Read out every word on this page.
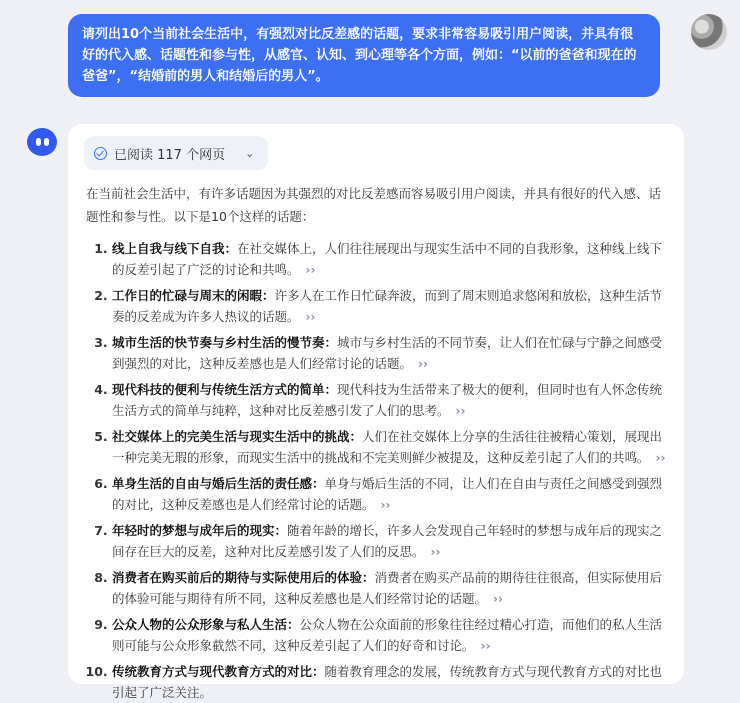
请列出10个当前社会生活中，有强烈对比反差感的话题，要求非常容易吸引用户阅读，并具有很好的代入感、话题性和参与性，从感官、认知、到心理等各个方面，例如：“以前的爸爸和现在的爸爸”，“结婚前的男人和结婚后的男人”。
已阅读 117 个网页 ⌄
在当前社会生活中，有许多话题因为其强烈的对比反差感而容易吸引用户阅读，并具有很好的代入感、话题性和参与性。以下是10个这样的话题：
1. 线上自我与线下自我：在社交媒体上，人们往往展现出与现实生活中不同的自我形象，这种线上线下的反差引起了广泛的讨论和共鸣。 ››
2. 工作日的忙碌与周末的闲暇：许多人在工作日忙碌奔波，而到了周末则追求悠闲和放松，这种生活节奏的反差成为许多人热议的话题。 ››
3. 城市生活的快节奏与乡村生活的慢节奏：城市与乡村生活的不同节奏，让人们在忙碌与宁静之间感受到强烈的对比，这种反差感也是人们经常讨论的话题。 ››
4. 现代科技的便利与传统生活方式的简单：现代科技为生活带来了极大的便利，但同时也有人怀念传统生活方式的简单与纯粹，这种对比反差感引发了人们的思考。 ››
5. 社交媒体上的完美生活与现实生活中的挑战：人们在社交媒体上分享的生活往往被精心策划，展现出一种完美无瑕的形象，而现实生活中的挑战和不完美则鲜少被提及，这种反差引起了人们的共鸣。 ››
6. 单身生活的自由与婚后生活的责任感：单身与婚后生活的不同，让人们在自由与责任之间感受到强烈的对比，这种反差感也是人们经常讨论的话题。 ››
7. 年轻时的梦想与成年后的现实：随着年龄的增长，许多人会发现自己年轻时的梦想与成年后的现实之间存在巨大的反差，这种对比反差感引发了人们的反思。 ››
8. 消费者在购买前后的期待与实际使用后的体验：消费者在购买产品前的期待往往很高，但实际使用后的体验可能与期待有所不同，这种反差感也是人们经常讨论的话题。 ››
9. 公众人物的公众形象与私人生活：公众人物在公众面前的形象往往经过精心打造，而他们的私人生活则可能与公众形象截然不同，这种反差引起了人们的好奇和讨论。 ››
10. 传统教育方式与现代教育方式的对比：随着教育理念的发展，传统教育方式与现代教育方式的对比也引起了广泛关注。
